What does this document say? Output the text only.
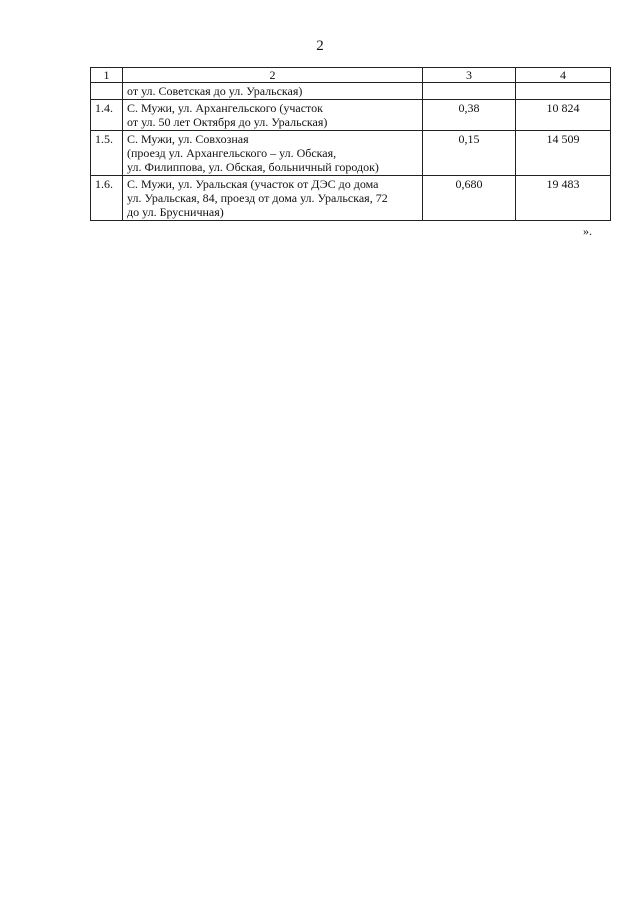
2
1	2	3	4

	от ул. Советская до ул. Уральская)		

1.4.	С. Мужи, ул. Архангельского (участок
от ул. 50 лет Октября до ул. Уральская)	0,38	10 824
1.5.	С. Мужи, ул. Совхозная
(проезд ул. Архангельского – ул. Обская,
ул. Филиппова, ул. Обская, больничный городок)	0,15	14 509
1.6.	С. Мужи, ул. Уральская (участок от ДЭС до дома
ул. Уральская, 84, проезд от дома ул. Уральская, 72
до ул. Брусничная)	0,680	19 483
».
